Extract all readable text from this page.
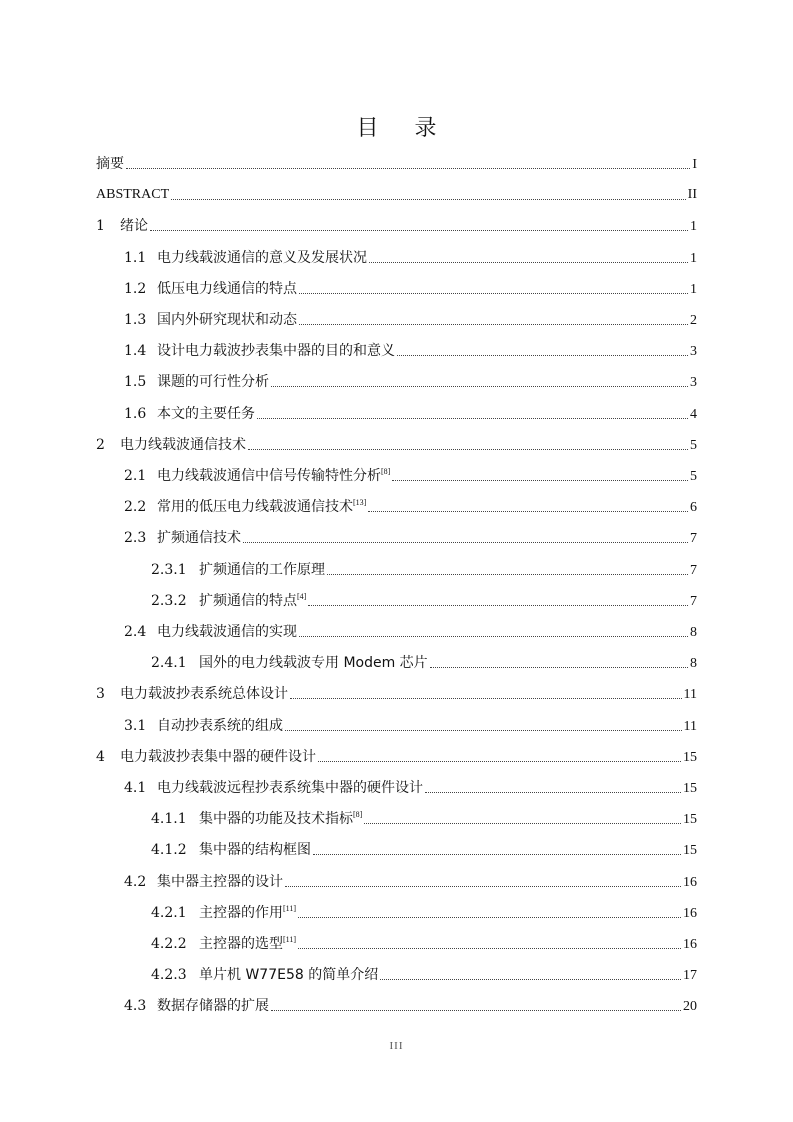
目 录
摘要	I
ABSTRACT	II
1	绪论	1
1.1 电力线载波通信的意义及发展状况	1
1.2 低压电力线通信的特点	1
1.3 国内外研究现状和动态	2
1.4 设计电力载波抄表集中器的目的和意义	3
1.5 课题的可行性分析	3
1.6 本文的主要任务	4
2	电力线载波通信技术	5
2.1 电力线载波通信中信号传输特性分析[8]	5
2.2 常用的低压电力线载波通信技术[13]	6
2.3 扩频通信技术	7
2.3.1 扩频通信的工作原理	7
2.3.2 扩频通信的特点[4]	7
2.4 电力线载波通信的实现	8
2.4.1 国外的电力线载波专用 Modem 芯片	8
3	电力载波抄表系统总体设计	11
3.1 自动抄表系统的组成	11
4	电力载波抄表集中器的硬件设计	15
4.1 电力线载波远程抄表系统集中器的硬件设计	15
4.1.1 集中器的功能及技术指标[8]	15
4.1.2 集中器的结构框图	15
4.2 集中器主控器的设计	16
4.2.1 主控器的作用[11]	16
4.2.2 主控器的选型[11]	16
4.2.3 单片机 W77E58 的简单介绍	17
4.3 数据存储器的扩展	20
III
